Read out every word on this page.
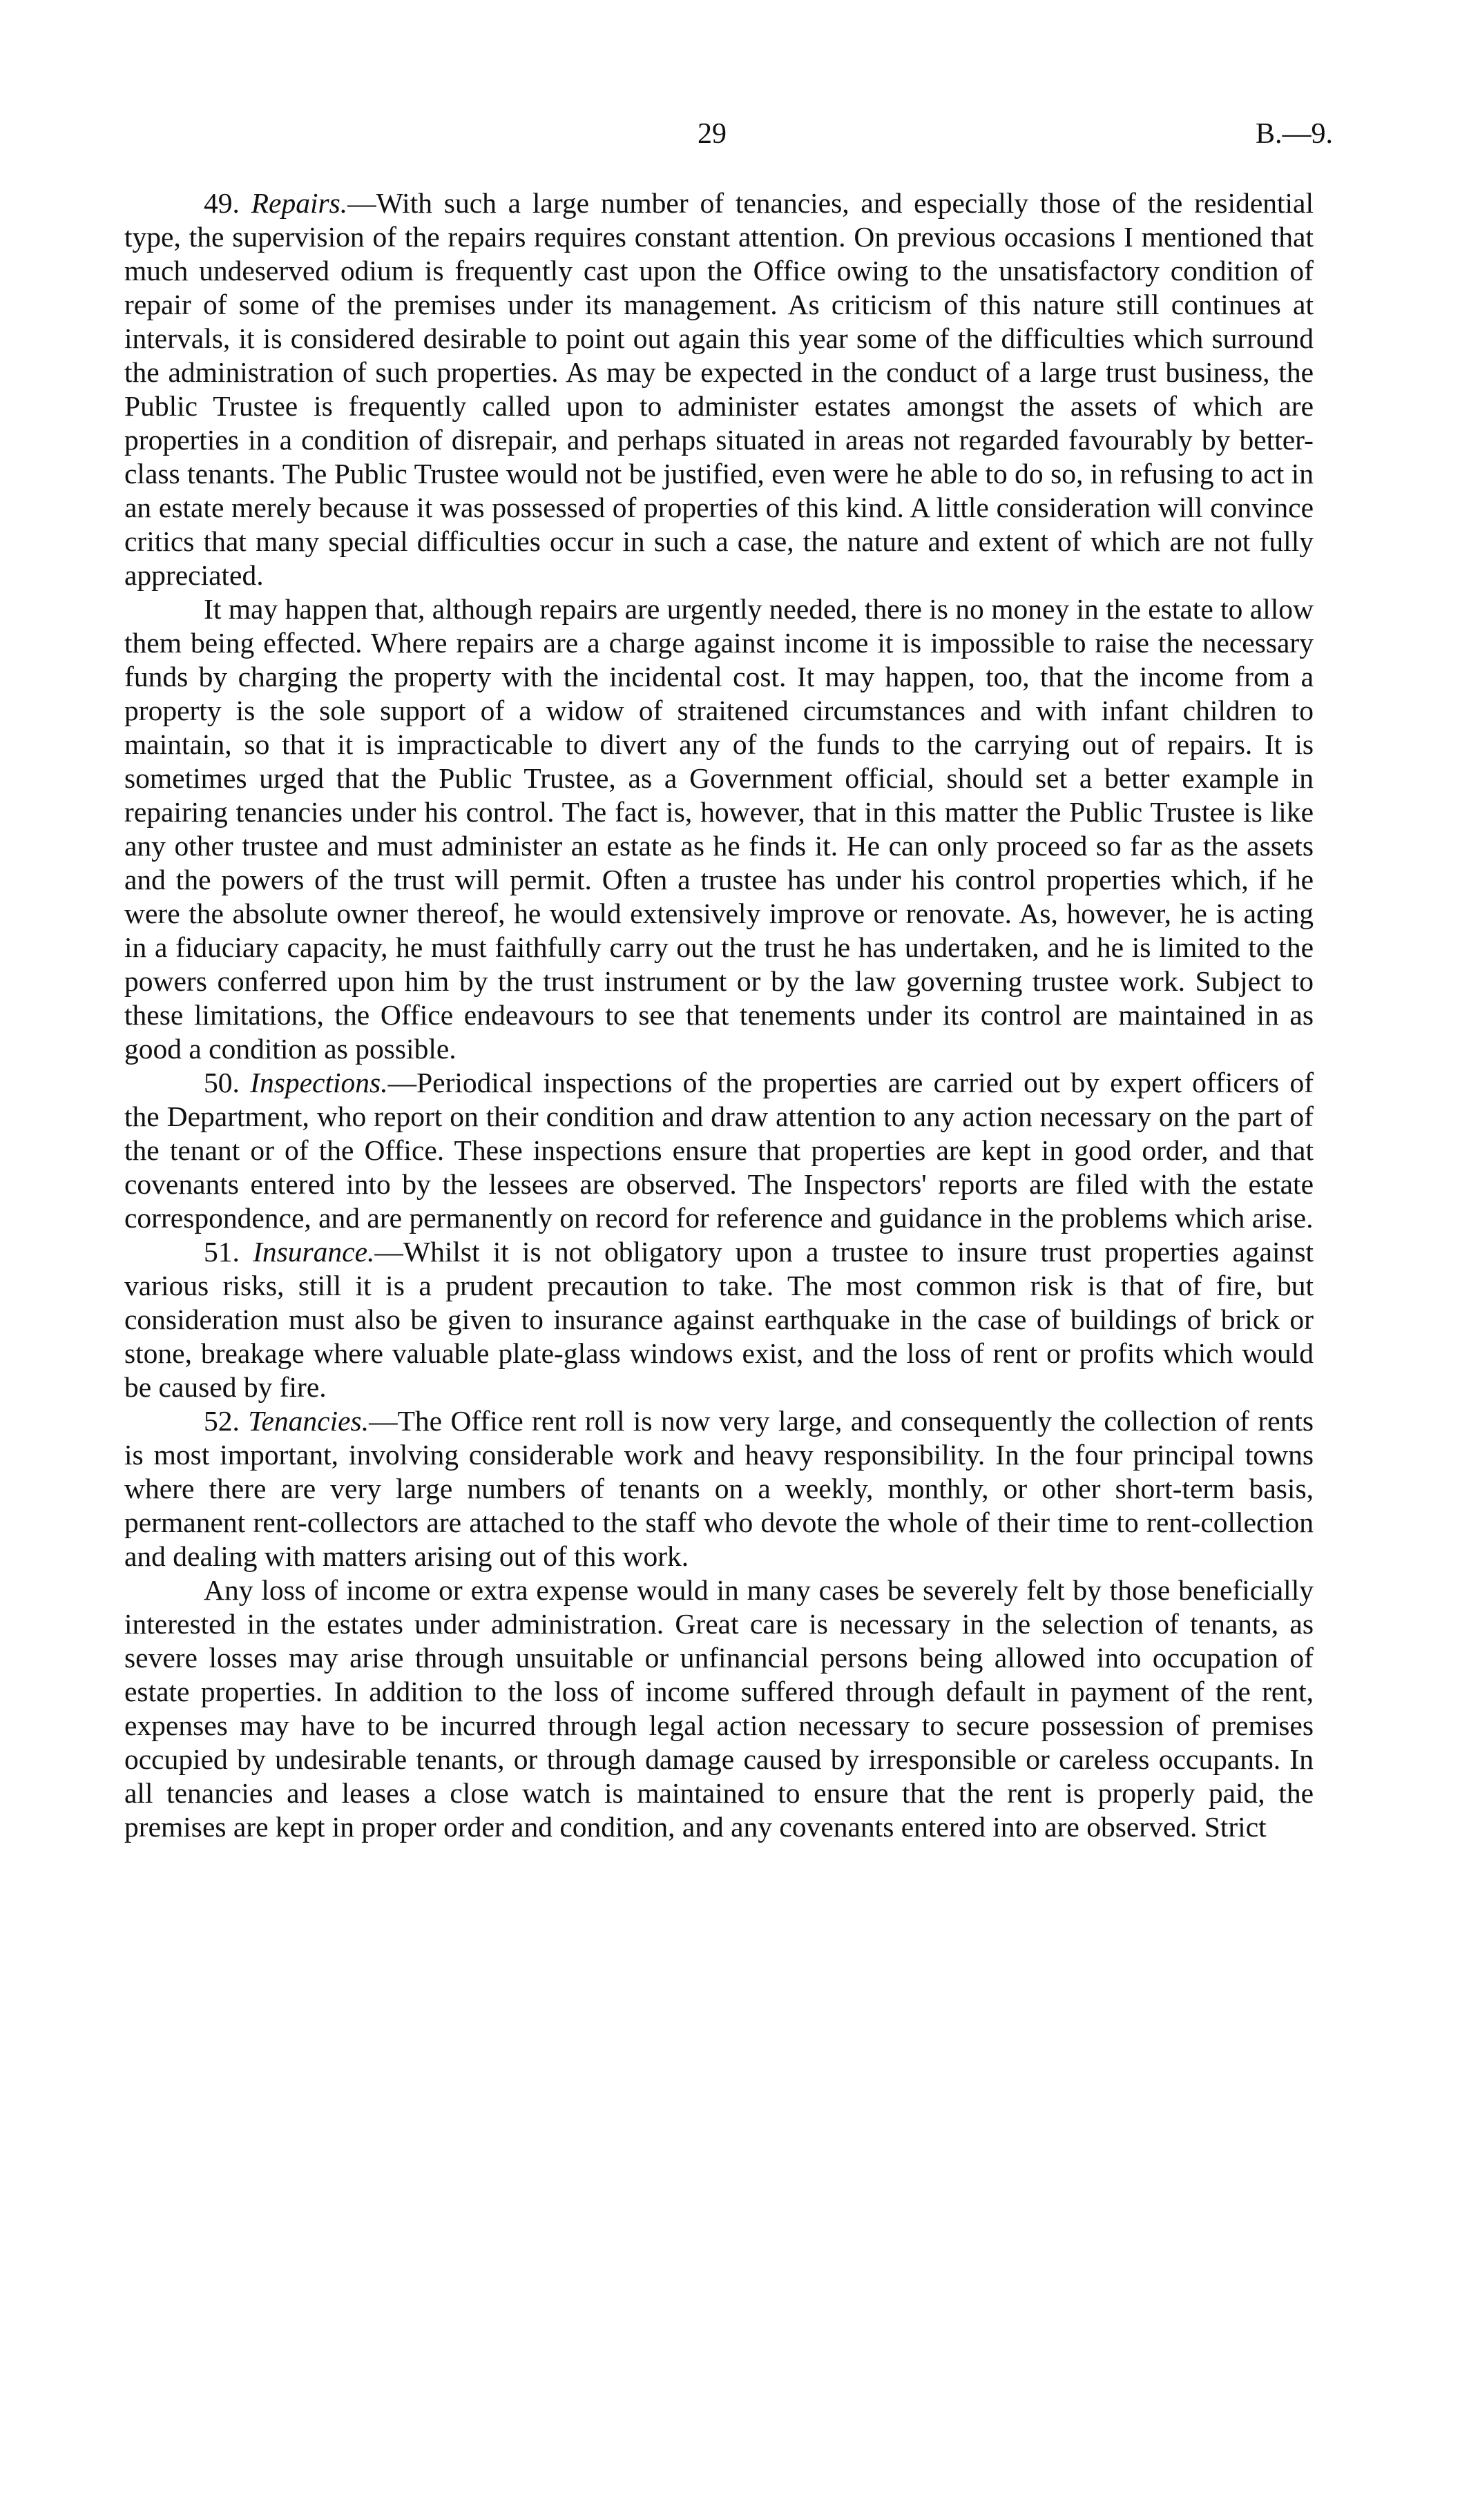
29	B.—9.

49. Repairs.—With such a large number of tenancies, and especially those of the residential type, the supervision of the repairs requires constant attention. On previous occasions I mentioned that much undeserved odium is frequently cast upon the Office owing to the unsatisfactory condition of repair of some of the premises under its management. As criticism of this nature still continues at intervals, it is considered desirable to point out again this year some of the difficulties which surround the administration of such properties. As may be expected in the conduct of a large trust business, the Public Trustee is frequently called upon to administer estates amongst the assets of which are properties in a condition of disrepair, and perhaps situated in areas not regarded favourably by better-class tenants. The Public Trustee would not be justified, even were he able to do so, in refusing to act in an estate merely because it was possessed of properties of this kind. A little consideration will convince critics that many special difficulties occur in such a case, the nature and extent of which are not fully appreciated.

It may happen that, although repairs are urgently needed, there is no money in the estate to allow them being effected. Where repairs are a charge against income it is impossible to raise the necessary funds by charging the property with the incidental cost. It may happen, too, that the income from a property is the sole support of a widow of straitened circumstances and with infant children to maintain, so that it is impracticable to divert any of the funds to the carrying out of repairs. It is sometimes urged that the Public Trustee, as a Government official, should set a better example in repairing tenancies under his control. The fact is, however, that in this matter the Public Trustee is like any other trustee and must administer an estate as he finds it. He can only proceed so far as the assets and the powers of the trust will permit. Often a trustee has under his control properties which, if he were the absolute owner thereof, he would extensively improve or renovate. As, however, he is acting in a fiduciary capacity, he must faithfully carry out the trust he has undertaken, and he is limited to the powers conferred upon him by the trust instrument or by the law governing trustee work. Subject to these limitations, the Office endeavours to see that tenements under its control are maintained in as good a condition as possible.

50. Inspections.—Periodical inspections of the properties are carried out by expert officers of the Department, who report on their condition and draw attention to any action necessary on the part of the tenant or of the Office. These inspections ensure that properties are kept in good order, and that covenants entered into by the lessees are observed. The Inspectors' reports are filed with the estate correspondence, and are permanently on record for reference and guidance in the problems which arise.

51. Insurance.—Whilst it is not obligatory upon a trustee to insure trust properties against various risks, still it is a prudent precaution to take. The most common risk is that of fire, but consideration must also be given to insurance against earthquake in the case of buildings of brick or stone, breakage where valuable plate-glass windows exist, and the loss of rent or profits which would be caused by fire.

52. Tenancies.—The Office rent roll is now very large, and consequently the collection of rents is most important, involving considerable work and heavy responsibility. In the four principal towns where there are very large numbers of tenants on a weekly, monthly, or other short-term basis, permanent rent-collectors are attached to the staff who devote the whole of their time to rent-collection and dealing with matters arising out of this work.

Any loss of income or extra expense would in many cases be severely felt by those beneficially interested in the estates under administration. Great care is necessary in the selection of tenants, as severe losses may arise through unsuitable or unfinancial persons being allowed into occupation of estate properties. In addition to the loss of income suffered through default in payment of the rent, expenses may have to be incurred through legal action necessary to secure possession of premises occupied by undesirable tenants, or through damage caused by irresponsible or careless occupants. In all tenancies and leases a close watch is maintained to ensure that the rent is properly paid, the premises are kept in proper order and condition, and any covenants entered into are observed. Strict
